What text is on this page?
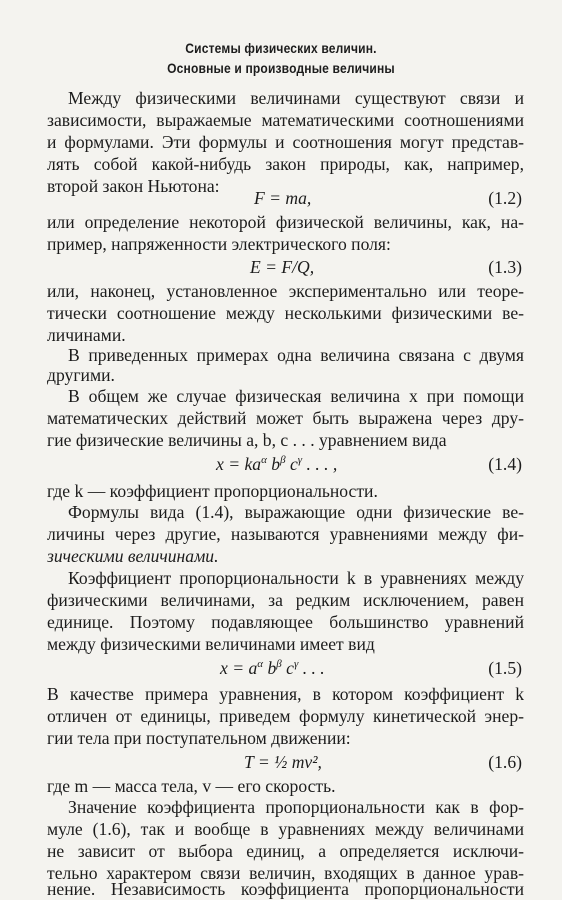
Системы физических величин.
Основные и производные величины
Между физическими величинами существуют связи и
зависимости, выражаемые математическими соотношениями
и формулами. Эти формулы и соотношения могут представ-
лять собой какой-нибудь закон природы, как, например,
второй закон Ньютона:
F = ma,	(1.2)
или определение некоторой физической величины, как, на-
пример, напряженности электрического поля:
E = F/Q,	(1.3)
или, наконец, установленное экспериментально или теоре-
тически соотношение между несколькими физическими ве-
личинами.
В приведенных примерах одна величина связана с двумя
другими.
В общем же случае физическая величина x при помощи
математических действий может быть выражена через дру-
гие физические величины a, b, c . . . уравнением вида
$x = ka^\alpha$ $b^\beta$ $c^\gamma$ . . . ,	(1.4)
где k — коэффициент пропорциональности.
Формулы вида (1.4), выражающие одни физические ве-
личины через другие, называются уравнениями между фи-
зическими величинами.
Коэффициент пропорциональности k в уравнениях между
физическими величинами, за редким исключением, равен
единице. Поэтому подавляющее большинство уравнений
между физическими величинами имеет вид
$x = a^\alpha$ $b^\beta$ $c^\gamma$ . . .	(1.5)
В качестве примера уравнения, в котором коэффициент k
отличен от единицы, приведем формулу кинетической энер-
гии тела при поступательном движении:
T = ½ mv²,	(1.6)
где m — масса тела, v — его скорость.
Значение коэффициента пропорциональности как в фор-
муле (1.6), так и вообще в уравнениях между величинами
не зависит от выбора единиц, а определяется исключи-
тельно характером связи величин, входящих в данное урав-
нение. Независимость коэффициента пропорциональности
